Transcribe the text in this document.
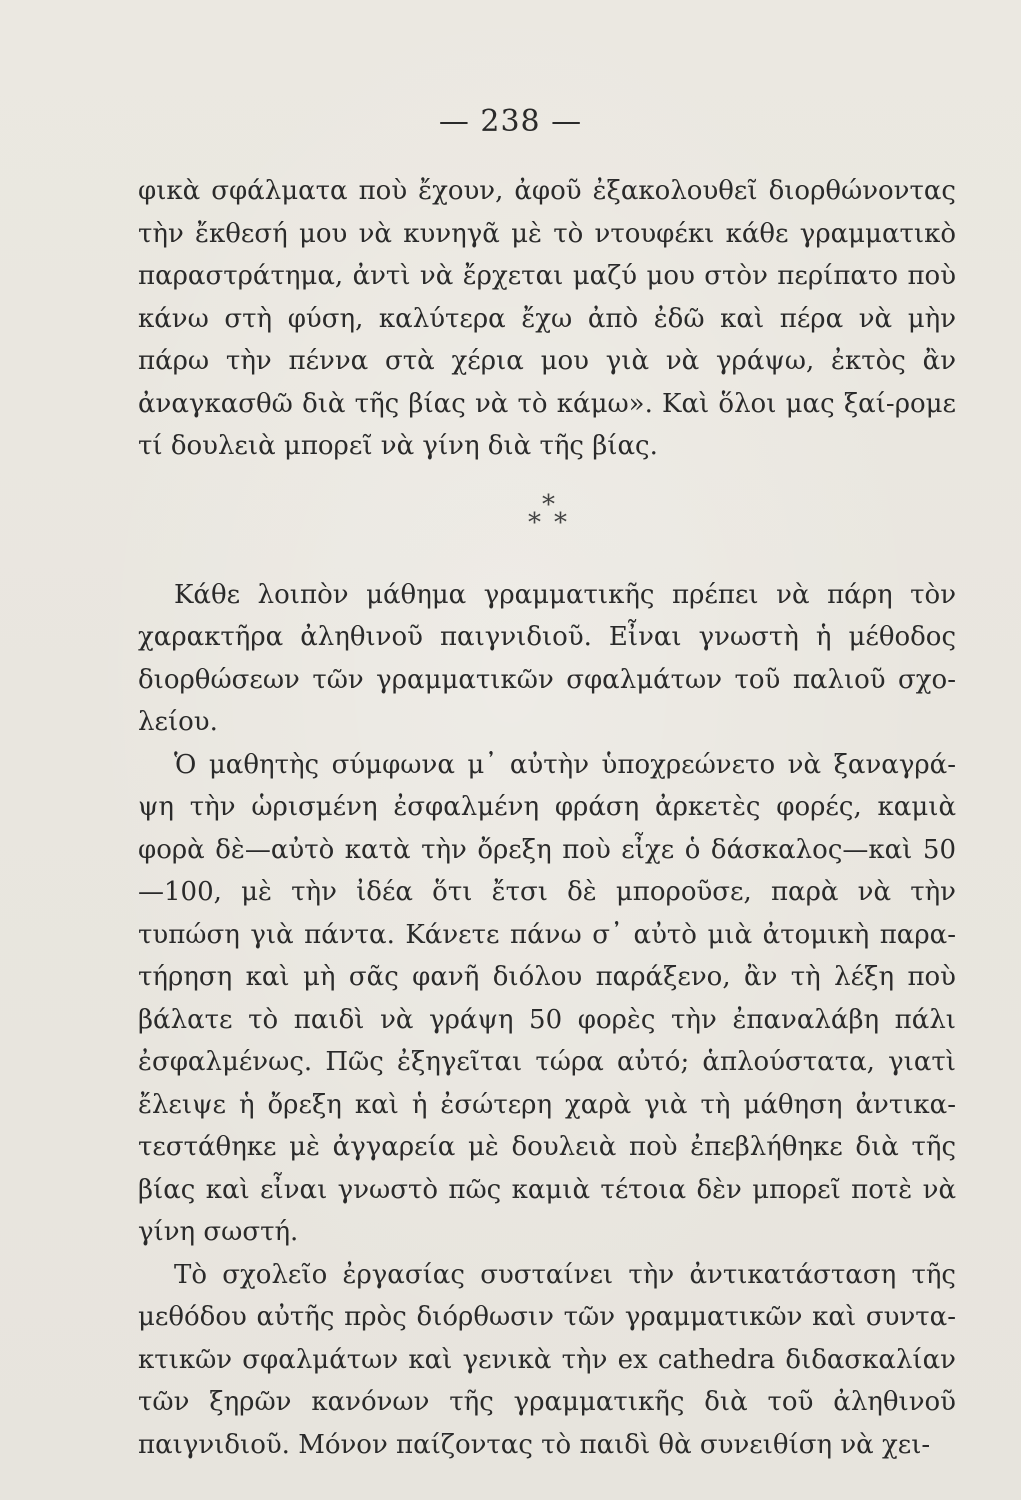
— 238 —

φικὰ σφάλματα ποὺ ἔχουν, ἀφοῦ ἐξακολουθεῖ διορθώνοντας τὴν ἔκθεσή μου νὰ κυνηγᾶ μὲ τὸ ντουφέκι κάθε γραμματικὸ παραστράτημα, ἀντὶ νὰ ἔρχεται μαζύ μου στὸν περίπατο ποὺ κάνω στὴ φύση, καλύτερα ἔχω ἀπὸ ἐδῶ καὶ πέρα νὰ μὴν πάρω τὴν πέννα στὰ χέρια μου γιὰ νὰ γράψω, ἐκτὸς ἂν ἀναγκασθῶ διὰ τῆς βίας νὰ τὸ κάμω». Καὶ ὅλοι μας ξαί-ρομε τί δουλειὰ μπορεῖ νὰ γίνη διὰ τῆς βίας.

*
* *

Κάθε λοιπὸν μάθημα γραμματικῆς πρέπει νὰ πάρη τὸν χαρακτῆρα ἀληθινοῦ παιγνιδιοῦ. Εἶναι γνωστὴ ἡ μέθοδος διορθώσεων τῶν γραμματικῶν σφαλμάτων τοῦ παλιοῦ σχο-λείου.

Ὁ μαθητὴς σύμφωνα μ᾽ αὐτὴν ὑποχρεώνετο νὰ ξαναγρά-ψη τὴν ὡρισμένη ἐσφαλμένη φράση ἀρκετὲς φορές, καμιὰ φορὰ δὲ—αὐτὸ κατὰ τὴν ὄρεξη ποὺ εἶχε ὁ δάσκαλος—καὶ 50—100, μὲ τὴν ἰδέα ὅτι ἔτσι δὲ μποροῦσε, παρὰ νὰ τὴν τυπώση γιὰ πάντα. Κάνετε πάνω σ᾽ αὐτὸ μιὰ ἀτομικὴ παρα-τήρηση καὶ μὴ σᾶς φανῆ διόλου παράξενο, ἂν τὴ λέξη ποὺ βάλατε τὸ παιδὶ νὰ γράψη 50 φορὲς τὴν ἐπαναλάβη πάλι ἐσφαλμένως. Πῶς ἐξηγεῖται τώρα αὐτό; ἁπλούστατα, γιατὶ ἔλειψε ἡ ὄρεξη καὶ ἡ ἐσώτερη χαρὰ γιὰ τὴ μάθηση ἀντικα-τεστάθηκε μὲ ἀγγαρεία μὲ δουλειὰ ποὺ ἐπεβλήθηκε διὰ τῆς βίας καὶ εἶναι γνωστὸ πῶς καμιὰ τέτοια δὲν μπορεῖ ποτὲ νὰ γίνη σωστή.

Τὸ σχολεῖο ἐργασίας συσταίνει τὴν ἀντικατάσταση τῆς μεθόδου αὐτῆς πρὸς διόρθωσιν τῶν γραμματικῶν καὶ συντα-κτικῶν σφαλμάτων καὶ γενικὰ τὴν ex cathedra διδασκαλίαν τῶν ξηρῶν κανόνων τῆς γραμματικῆς διὰ τοῦ ἀληθινοῦ παιγνιδιοῦ. Μόνον παίζοντας τὸ παιδὶ θὰ συνειθίση νὰ χει-
